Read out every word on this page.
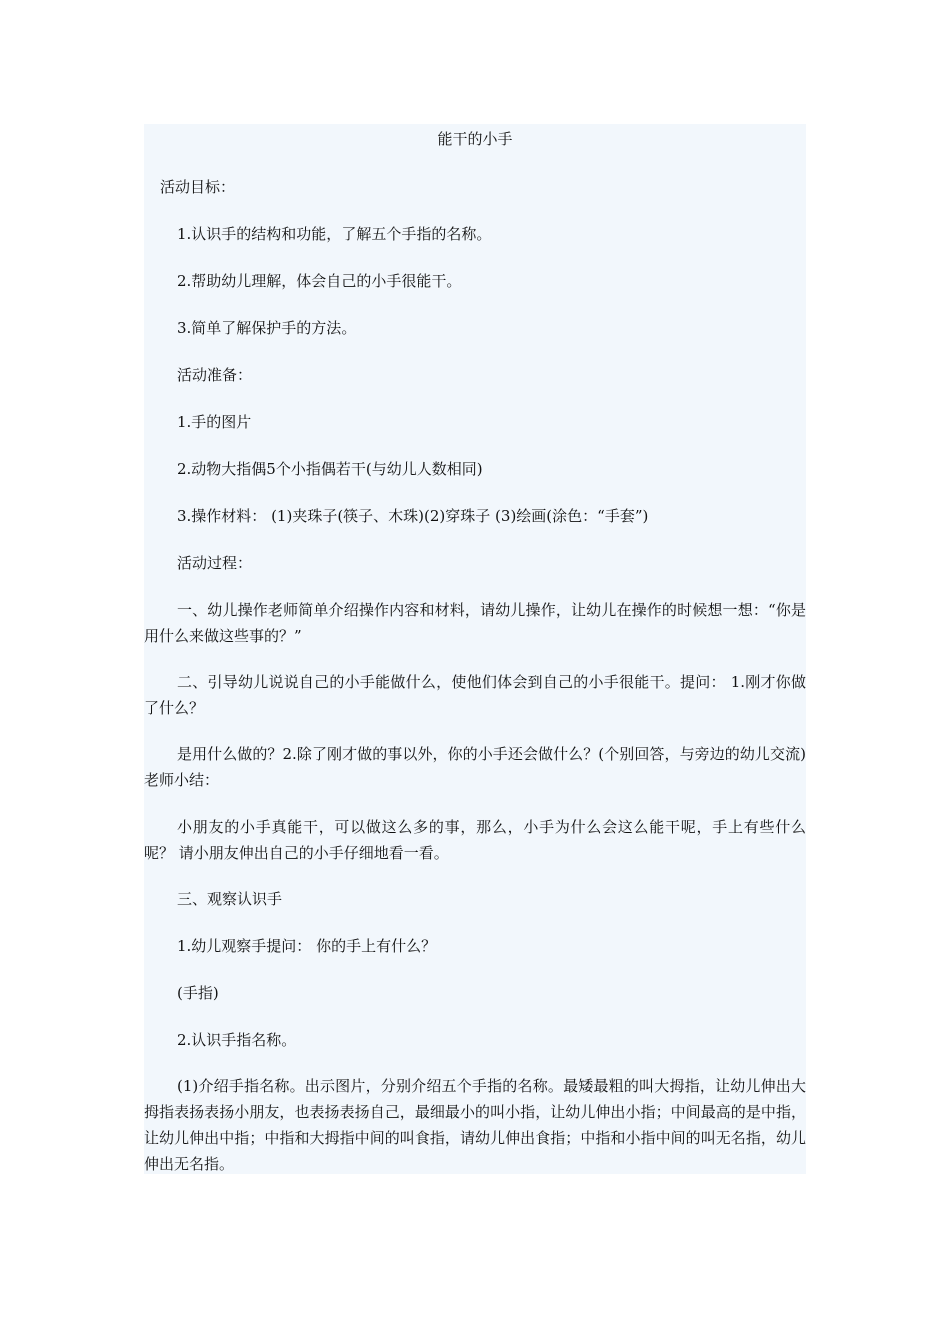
能干的小手

活动目标：

1.认识手的结构和功能，了解五个手指的名称。

2.帮助幼儿理解，体会自己的小手很能干。

3.简单了解保护手的方法。

活动准备：

1.手的图片

2.动物大指偶5个小指偶若干(与幼儿人数相同)

3.操作材料： (1)夹珠子(筷子、木珠)(2)穿珠子 (3)绘画(涂色：“手套”)

活动过程：

一、幼儿操作老师简单介绍操作内容和材料，请幼儿操作，让幼儿在操作的时候想一想：“你是用什么来做这些事的？”

二、引导幼儿说说自己的小手能做什么，使他们体会到自己的小手很能干。提问： 1.刚才你做了什么？

是用什么做的？2.除了刚才做的事以外，你的小手还会做什么？(个别回答，与旁边的幼儿交流)老师小结：

小朋友的小手真能干，可以做这么多的事，那么，小手为什么会这么能干呢，手上有些什么呢？ 请小朋友伸出自己的小手仔细地看一看。

三、观察认识手

1.幼儿观察手提问： 你的手上有什么？

(手指)

2.认识手指名称。

(1)介绍手指名称。出示图片，分别介绍五个手指的名称。最矮最粗的叫大拇指，让幼儿伸出大拇指表扬表扬小朋友，也表扬表扬自己，最细最小的叫小指，让幼儿伸出小指；中间最高的是中指，让幼儿伸出中指；中指和大拇指中间的叫食指，请幼儿伸出食指；中指和小指中间的叫无名指，幼儿伸出无名指。
